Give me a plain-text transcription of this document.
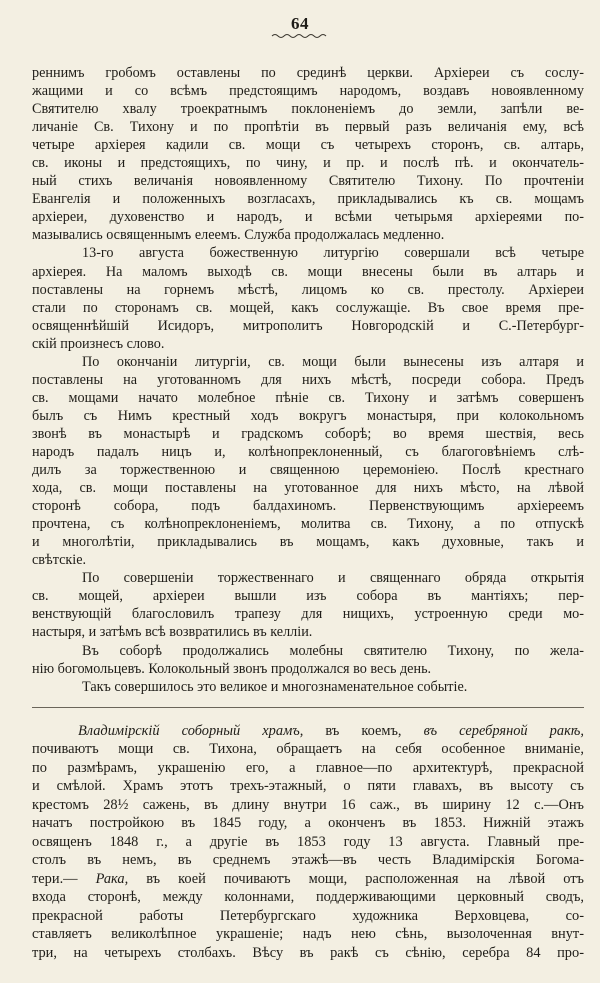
64

реннимъ гробомъ оставлены по срединѣ церкви. Архіереи съ сослу-

жащими и со всѣмъ предстоящимъ народомъ, воздавъ новоявленному

Святителю хвалу троекратнымъ поклоненіемъ до земли, запѣли ве-

личаніе Св. Тихону и по пропѣтіи въ первый разъ величанія ему, всѣ

четыре архіерея кадили св. мощи съ четырехъ сторонъ, св. алтарь,

св. иконы и предстоящихъ, по чину, и пр. и послѣ пѣ. и окончатель-

ный стихъ величанія новоявленному Святителю Тихону. По прочтеніи

Евангелія и положенныхъ возгласахъ, прикладывались къ св. мощамъ

архіереи, духовенство и народъ, и всѣми четырьмя архіереями по-

мазывались освященнымъ елеемъ. Служба продолжалась медленно.

13-го августа божественную литургію совершали всѣ четыре

архіерея. На маломъ выходѣ св. мощи внесены были въ алтарь и

поставлены на горнемъ мѣстѣ, лицомъ ко св. престолу. Архіереи

стали по сторонамъ св. мощей, какъ сослужащіе. Въ свое время пре-

освященнѣйшій Исидоръ, митрополитъ Новгородскій и С.-Петербург-

скій произнесъ слово.

По окончаніи литургіи, св. мощи были вынесены изъ алтаря и

поставлены на уготованномъ для нихъ мѣстѣ, посреди собора. Предъ

св. мощами начато молебное пѣніе св. Тихону и затѣмъ совершенъ

былъ съ Нимъ крестный ходъ вокругъ монастыря, при колокольномъ

звонѣ въ монастырѣ и градскомъ соборѣ; во время шествія, весь

народъ падалъ ницъ и, колѣнопреклоненный, съ благоговѣніемъ слѣ-

дилъ за торжественною и священною церемоніею. Послѣ крестнаго

хода, св. мощи поставлены на уготованное для нихъ мѣсто, на лѣвой

сторонѣ собора, подъ балдахиномъ. Первенствующимъ архіереемъ

прочтена, съ колѣнопреклоненіемъ, молитва св. Тихону, а по отпускѣ

и многолѣтіи, прикладывались въ мощамъ, какъ духовные, такъ и

свѣтскіе.

По совершеніи торжественнаго и священнаго обряда открытія

св. мощей, архіереи вышли изъ собора въ мантіяхъ; пер-

венствующій благословилъ трапезу для нищихъ, устроенную среди мо-

настыря, и затѣмъ всѣ возвратились въ келліи.

Въ соборѣ продолжались молебны святителю Тихону, по жела-

нію богомольцевъ. Колокольный звонъ продолжался во весь день.

Такъ совершилось это великое и многознаменательное событіе.

Владимірскій соборный храмъ, въ коемъ, въ серебряной ракѣ,

почиваютъ мощи св. Тихона, обращаетъ на себя особенное вниманіе,

по размѣрамъ, украшенію его, а главное—по архитектурѣ, прекрасной

и смѣлой. Храмъ этотъ трехъ-этажный, о пяти главахъ, въ высоту съ

крестомъ 28½ сажень, въ длину внутри 16 саж., въ ширину 12 с.—Онъ

начатъ постройкою въ 1845 году, а оконченъ въ 1853. Нижній этажъ

освященъ 1848 г., а другіе въ 1853 году 13 августа. Главный пре-

столъ въ немъ, въ среднемъ этажѣ—въ честь Владимірскія Богома-

тери.— Рака, въ коей почиваютъ мощи, расположенная на лѣвой отъ

входа сторонѣ, между колоннами, поддерживающими церковный сводъ,

прекрасной работы Петербургскаго художника Верховцева, со-

ставляетъ великолѣпное украшеніе; надъ нею сѣнь, вызолоченная внут-

три, на четырехъ столбахъ. Вѣсу въ ракѣ съ сѣнію, серебра 84 про-
